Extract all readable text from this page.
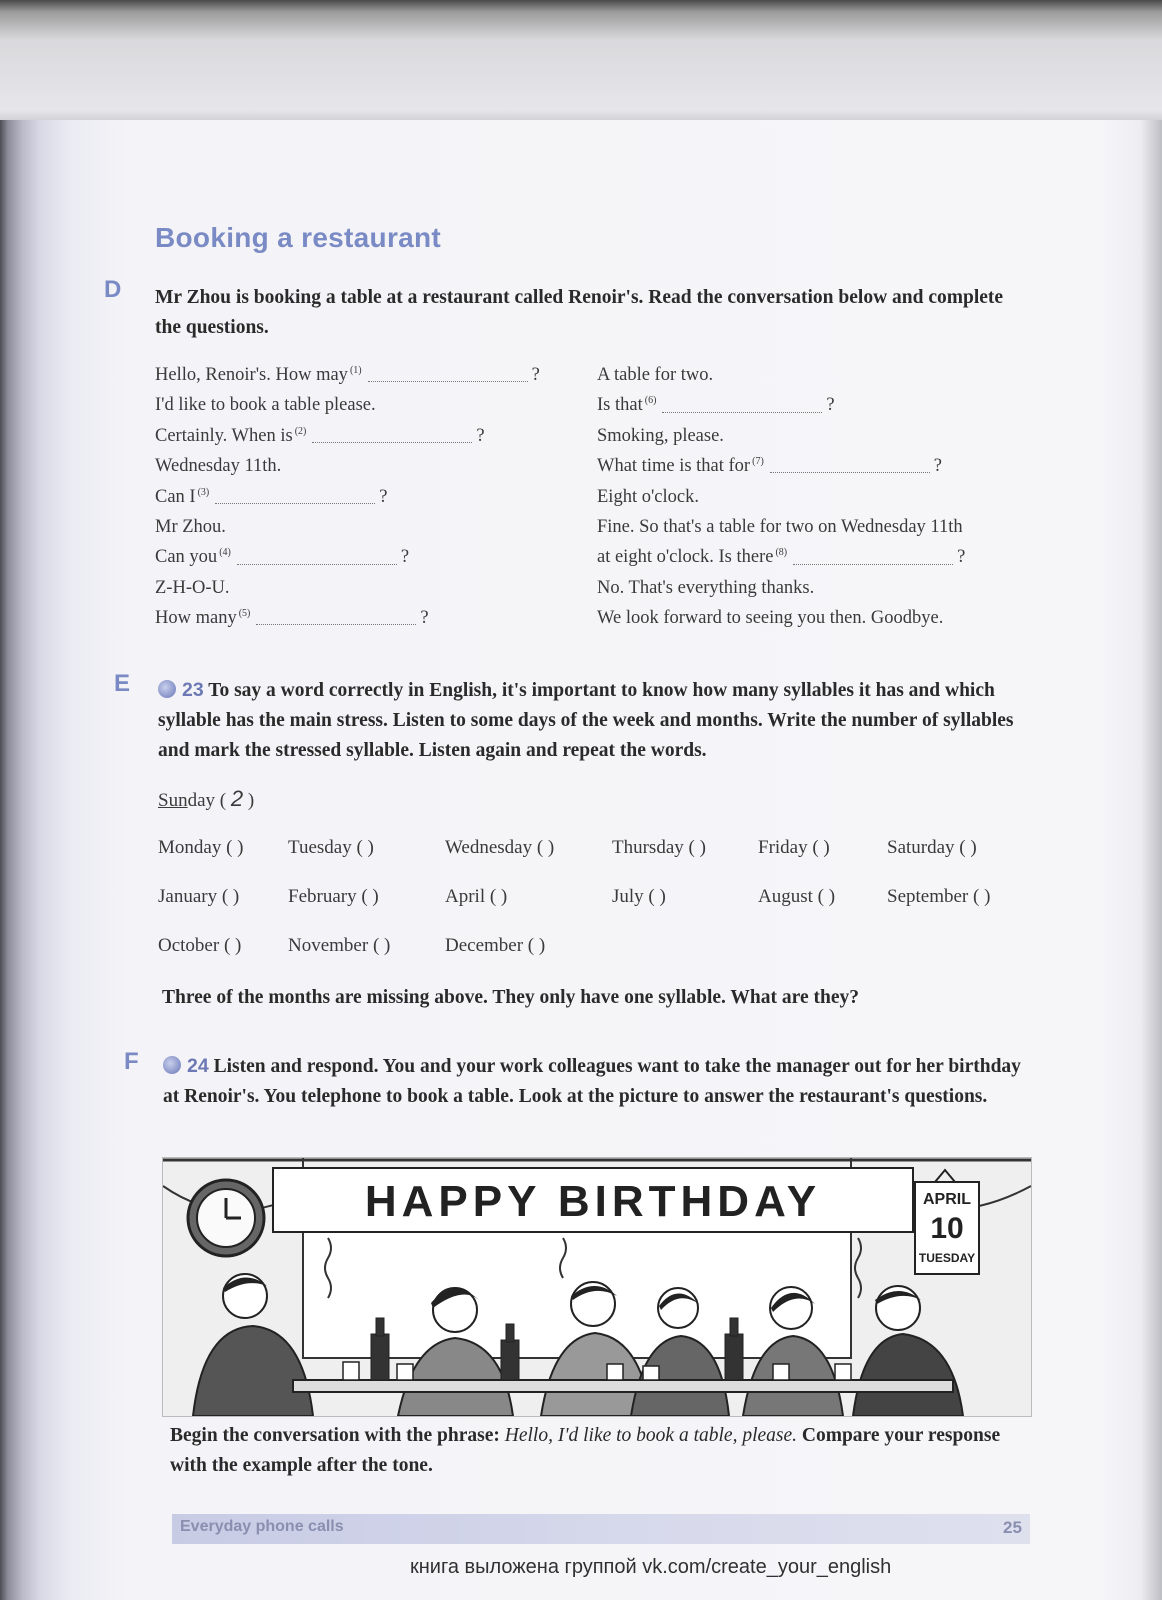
Booking a restaurant
D Mr Zhou is booking a table at a restaurant called Renoir's. Read the conversation below and complete the questions.
Hello, Renoir's. How may $^{(1)}$	?
I'd like to book a table please.
Certainly. When is $^{(2)}$	?
Wednesday 11th.
Can I $^{(3)}$	?
Mr Zhou.
Can you $^{(4)}$	?
Z-H-O-U.
How many $^{(5)}$	?
A table for two.
Is that $^{(6)}$	?
Smoking, please.
What time is that for $^{(7)}$	?
Eight o'clock.
Fine. So that's a table for two on Wednesday 11th
at eight o'clock. Is there $^{(8)}$	?
No. That's everything thanks.
We look forward to seeing you then. Goodbye.
E	23 To say a word correctly in English, it's important to know how many syllables it has and which syllable has the main stress. Listen to some days of the week and months. Write the number of syllables and mark the stressed syllable. Listen again and repeat the words.
Sunday ( 2 )
Monday ( ) Tuesday ( )	Wednesday ( )	Thursday ( )	Friday ( )	Saturday ( )
January ( )	February ( )	April ( )	July ( )	August ( )	September ( )
October ( ) November ( )	December ( )
Three of the months are missing above. They only have one syllable. What are they?
F	24 Listen and respond. You and your work colleagues want to take the manager out for her birthday at Renoir's. You telephone to book a table. Look at the picture to answer the restaurant's questions.
HAPPY BIRTHDAY	APRIL
10
TUESDAY
Begin the conversation with the phrase: Hello, I'd like to book a table, please. Compare your response with the example after the tone.
Everyday phone calls	25
книга выложена группой vk.com/create_your_english
